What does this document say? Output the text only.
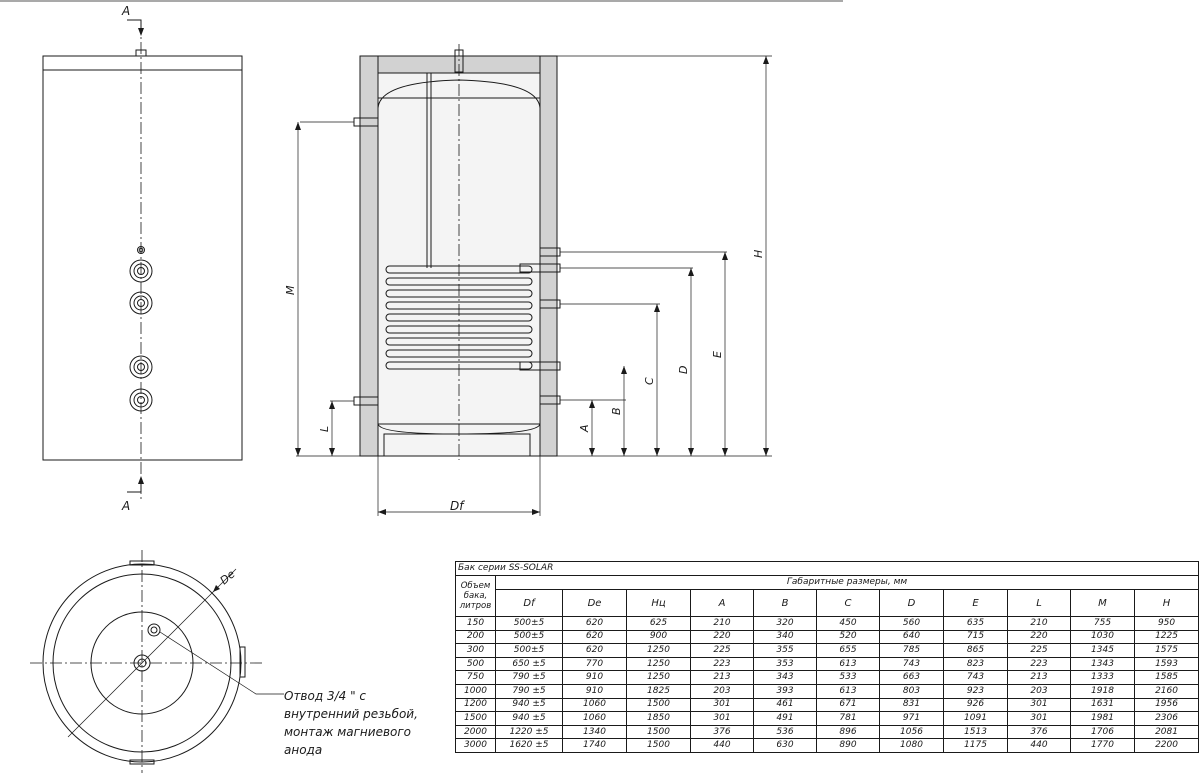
A
A
H
M
L	A
B
C
D
E
Df
De
Отвод 3/4 " с
внутренний резьбой,
монтаж магниевого
анода
Бак серии SS-SOLAR											
Объем
бака,
литров	Габаритные размеры, мм										
	Df	De	Нц	A	B	C	D	E	L	M	H
150	500±5	620	625	210	320	450	560	635	210	755	950
200	500±5	620	900	220	340	520	640	715	220	1030	1225
300	500±5	620	1250	225	355	655	785	865	225	1345	1575
500	650 ±5	770	1250	223	353	613	743	823	223	1343	1593
750	790 ±5	910	1250	213	343	533	663	743	213	1333	1585
1000	790 ±5	910	1825	203	393	613	803	923	203	1918	2160
1200	940 ±5	1060	1500	301	461	671	831	926	301	1631	1956
1500	940 ±5	1060	1850	301	491	781	971	1091	301	1981	2306
2000	1220 ±5	1340	1500	376	536	896	1056	1513	376	1706	2081
3000	1620 ±5	1740	1500	440	630	890	1080	1175	440	1770	2200
